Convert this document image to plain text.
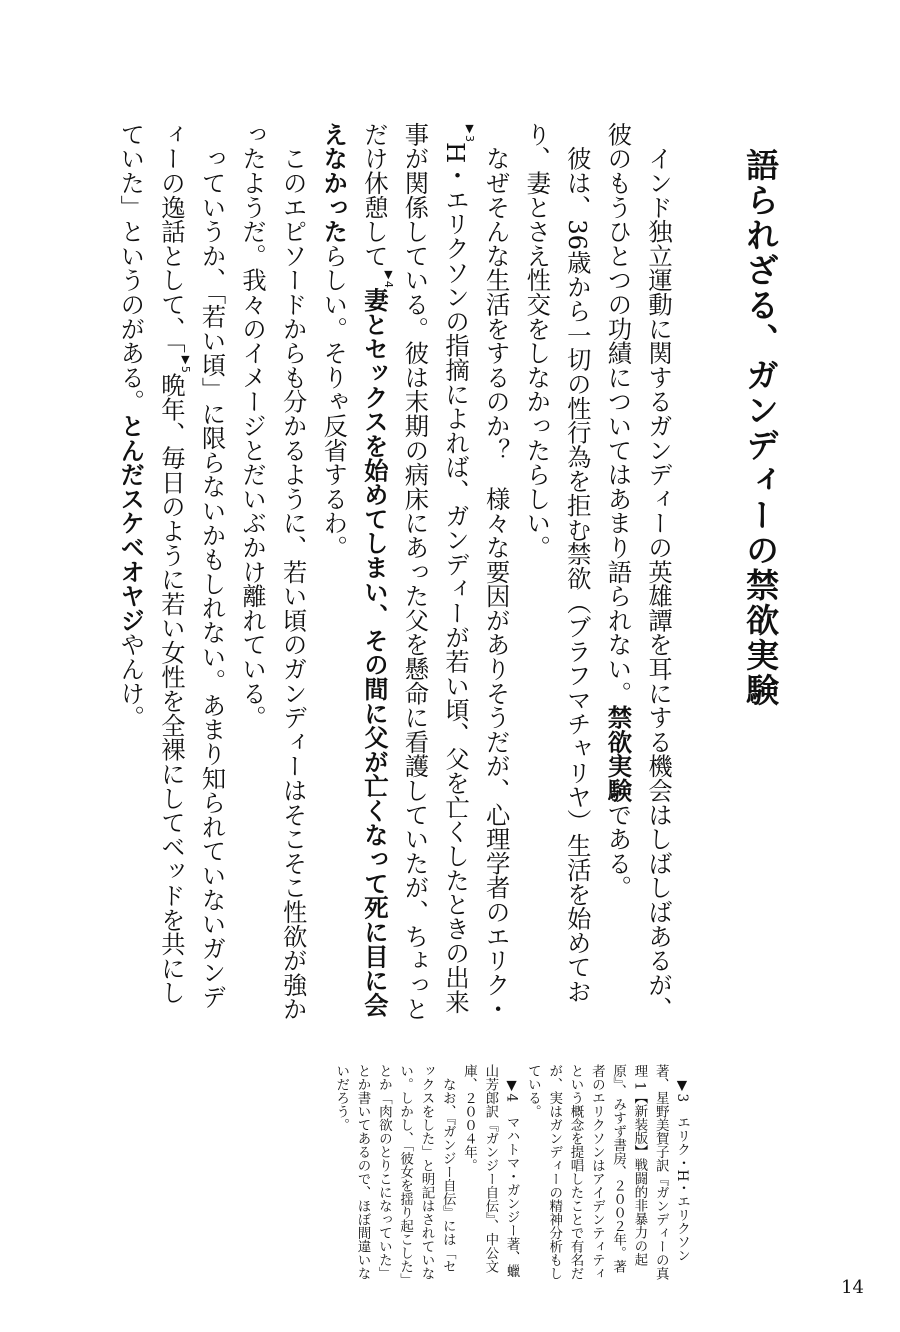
語られざる、ガンディーの禁欲実験

　インド独立運動に関するガンディーの英雄譚を耳にする機会はしばしばあるが、彼のもうひとつの功績についてはあまり語られない。禁欲実験である。

　彼は、36歳から一切の性行為を拒む禁欲（ブラフマチャリヤ）生活を始めており、妻とさえ性交をしなかったらしい。

　なぜそんな生活をするのか？　様々な要因がありそうだが、心理学者のエリク・$^{▼3}$H・エリクソンの指摘によれば、ガンディーが若い頃、父を亡くしたときの出来事が関係している。彼は末期の病床にあった父を懸命に看護していたが、ちょっとだけ休憩して$^{▼4}$妻とセックスを始めてしまい、その間に父が亡くなって死に目に会えなかったらしい。そりゃ反省するわ。

　このエピソードからも分かるように、若い頃のガンディーはそこそこ性欲が強かったようだ。我々のイメージとだいぶかけ離れている。

　っていうか、「若い頃」に限らないかもしれない。あまり知られていないガンディーの逸話として、「$^{▼5}$晩年、毎日のように若い女性を全裸にしてベッドを共にしていた」というのがある。とんだスケベオヤジやんけ。

　▼3　エリク・H・エリクソン著、星野美賀子訳『ガンディーの真理 1【新装版】戦闘的非暴力の起原』、みすず書房、２００２年。著者のエリクソンはアイデンティティという概念を提唱したことで有名だが、実はガンディーの精神分析もしている。

　▼4　マハトマ・ガンジー著、蠟山芳郎訳『ガンジー自伝』、中公文庫、２００４年。

　なお、『ガンジー自伝』には「セックスをした」と明記はされていない。しかし、「彼女を揺り起こした」とか「肉欲のとりこになっていた」とか書いてあるので、ほぼ間違いないだろう。

14
